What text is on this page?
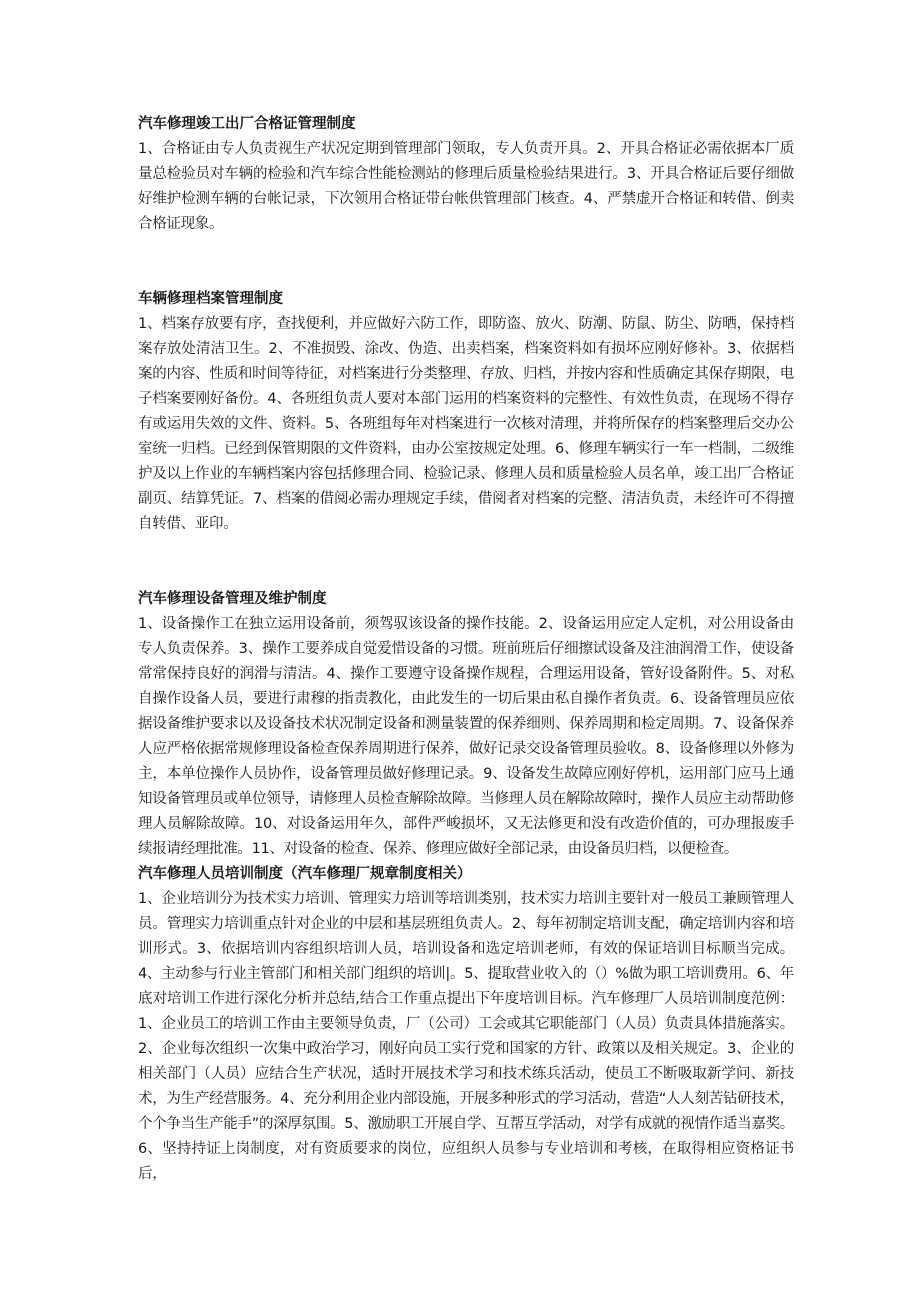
汽车修理竣工出厂合格证管理制度

1、合格证由专人负责视生产状况定期到管理部门领取，专人负责开具。2、开具合格证必需依据本厂质量总检验员对车辆的检验和汽车综合性能检测站的修理后质量检验结果进行。3、开具合格证后要仔细做好维护检测车辆的台帐记录，下次领用合格证带台帐供管理部门核查。4、严禁虚开合格证和转借、倒卖合格证现象。

车辆修理档案管理制度

1、档案存放要有序，查找便利，并应做好六防工作，即防盗、放火、防潮、防鼠、防尘、防晒，保持档案存放处清洁卫生。2、不准损毁、涂改、伪造、出卖档案，档案资料如有损坏应刚好修补。3、依据档案的内容、性质和时间等待征，对档案进行分类整理、存放、归档，并按内容和性质确定其保存期限，电子档案要刚好备份。4、各班组负责人要对本部门运用的档案资料的完整性、有效性负责，在现场不得存有或运用失效的文件、资料。5、各班组每年对档案进行一次核对清理，并将所保存的档案整理后交办公室统一归档。已经到保管期限的文件资料，由办公室按规定处理。6、修理车辆实行一车一档制，二级维护及以上作业的车辆档案内容包括修理合同、检验记录、修理人员和质量检验人员名单，竣工出厂合格证副页、结算凭证。7、档案的借阅必需办理规定手续，借阅者对档案的完整、清洁负责，未经许可不得擅自转借、亚印。

汽车修理设备管理及维护制度

1、设备操作工在独立运用设备前，须驾驭该设备的操作技能。2、设备运用应定人定机，对公用设备由专人负责保养。3、操作工要养成自觉爱惜设备的习惯。班前班后仔细擦试设备及注油润滑工作，使设备常常保持良好的润滑与清洁。4、操作工要遵守设备操作规程，合理运用设备，管好设备附件。5、对私自操作设备人员，要进行肃穆的指责教化，由此发生的一切后果由私自操作者负责。6、设备管理员应依据设备维护要求以及设备技术状况制定设备和测量装置的保养细则、保养周期和检定周期。7、设备保养人应严格依据常规修理设备检查保养周期进行保养，做好记录交设备管理员验收。8、设备修理以外修为主，本单位操作人员协作，设备管理员做好修理记录。9、设备发生故障应刚好停机，运用部门应马上通知设备管理员或单位领导，请修理人员检查解除故障。当修理人员在解除故障时，操作人员应主动帮助修理人员解除故障。10、对设备运用年久，部件严峻损坏，又无法修更和没有改造价值的，可办理报废手续报请经理批准。11、对设备的检查、保养、修理应做好全部记录，由设备员归档，以便检查。

汽车修理人员培训制度（汽车修理厂规章制度相关）

1、企业培训分为技术实力培训、管理实力培训等培训类别，技术实力培训主要针对一般员工兼顾管理人员。管理实力培训重点针对企业的中层和基层班组负责人。2、每年初制定培训支配，确定培训内容和培训形式。3、依据培训内容组织培训人员，培训设备和选定培训老师，有效的保证培训目标顺当完成。4、主动参与行业主管部门和相关部门组织的培训|。5、提取营业收入的（）%做为职工培训费用。6、年底对培训工作进行深化分析并总结,结合工作重点提出下年度培训目标。汽车修理厂人员培训制度范例：1、企业员工的培训工作由主要领导负责，厂（公司）工会或其它职能部门（人员）负责具体措施落实。2、企业每次组织一次集中政治学习，刚好向员工实行党和国家的方针、政策以及相关规定。3、企业的相关部门（人员）应结合生产状况，适时开展技术学习和技术练兵活动，使员工不断吸取新学问、新技术，为生产经营服务。4、充分利用企业内部设施，开展多种形式的学习活动，营造“人人刻苦钻研技术，个个争当生产能手”的深厚氛围。5、激励职工开展自学、互帮互学活动，对学有成就的视情作适当嘉奖。6、坚持持证上岗制度，对有资质要求的岗位，应组织人员参与专业培训和考核，在取得相应资格证书后，
